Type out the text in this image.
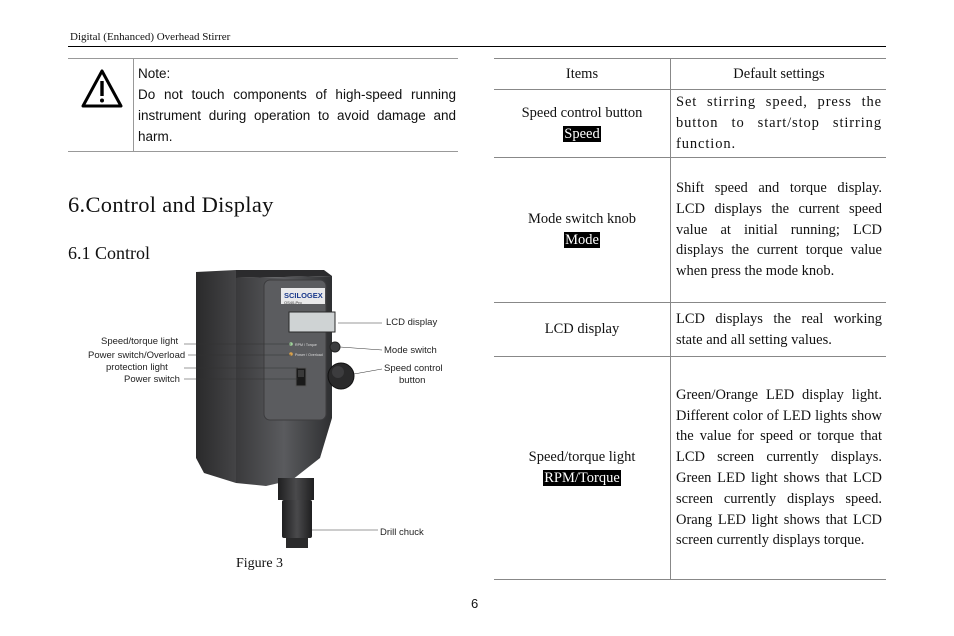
Digital (Enhanced) Overhead Stirrer
Note:
Do not touch components of high-speed running instrument during operation to avoid damage and harm.
6.Control and Display
6.1 Control
SCILOGEX
OS40-Pro
RPM / Torque
Power / Overload
Speed/torque light
Power switch/Overload
protection light
Power switch
LCD display
Mode switch
Speed control
button
Drill chuck
Figure 3
Items	Default settings

Speed control button
Speed	Set stirring speed, press the button to start/stop stirring function.

Mode switch knob
Mode	Shift speed and torque display. LCD displays the current speed value at initial running; LCD displays the current torque value when press the mode knob.

LCD display	LCD displays the real working state and all setting values.

Speed/torque light
RPM/Torque	Green/Orange LED display light. Different color of LED lights show the value for speed or torque that LCD screen currently displays. Green LED light shows that LCD screen currently displays speed. Orang LED light shows that LCD screen currently displays torque.
6
